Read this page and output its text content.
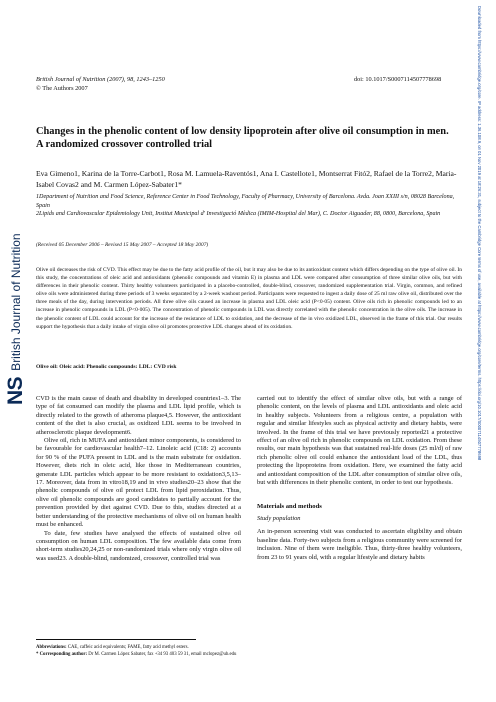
Downloaded from https://www.cambridge.org/core. IP address: 1.36.108.9, on 01 Nov 2019 at 18:26:31, subject to the Cambridge Core terms of use, available at https://www.cambridge.org/core/terms. https://doi.org/10.1017/S0007114507778698
NS
British Journal of Nutrition
British Journal of Nutrition (2007), 98, 1243–1250
© The Authors 2007
doi: 10.1017/S0007114507778698
Changes in the phenolic content of low density lipoprotein after olive oil consumption in men. A randomized crossover controlled trial
Eva Gimeno1, Karina de la Torre-Carbot1, Rosa M. Lamuela-Raventós1, Ana I. Castellote1, Montserrat Fitó2, Rafael de la Torre2, Maria-Isabel Covas2 and M. Carmen López-Sabater1*
1Department of Nutrition and Food Science, Reference Center in Food Technology, Faculty of Pharmacy, University of Barcelona. Avda. Joan XXIII s/n, 08028 Barcelona, Spain
2Lipids and Cardiovascular Epidemiology Unit, Institut Municipal d' Investigació Mèdica (IMIM-Hospital del Mar), C. Doctor Aiguader, 88, 0800, Barcelona, Spain
(Received 05 December 2006 – Revised 15 May 2007 – Accepted 18 May 2007)
Olive oil decreases the risk of CVD. This effect may be due to the fatty acid profile of the oil, but it may also be due to its antioxidant content which differs depending on the type of olive oil. In this study, the concentrations of oleic acid and antioxidants (phenolic compounds and vitamin E) in plasma and LDL were compared after consumption of three similar olive oils, but with differences in their phenolic content. Thirty healthy volunteers participated in a placebo-controlled, double-blind, crossover, randomized supplementation trial. Virgin, common, and refined olive oils were administered during three periods of 3 weeks separated by a 2-week washout period. Participants were requested to ingest a daily dose of 25 ml raw olive oil, distributed over the three meals of the day, during intervention periods. All three olive oils caused an increase in plasma and LDL oleic acid (P<0·05) content. Olive oils rich in phenolic compounds led to an increase in phenolic compounds in LDL (P<0·005). The concentration of phenolic compounds in LDL was directly correlated with the phenolic concentration in the olive oils. The increase in the phenolic content of LDL could account for the increase of the resistance of LDL to oxidation, and the decrease of the in vivo oxidized LDL, observed in the frame of this trial. Our results support the hypothesis that a daily intake of virgin olive oil promotes protective LDL changes ahead of its oxidation.
Olive oil: Oleic acid: Phenolic compounds: LDL: CVD risk

CVD is the main cause of death and disability in developed countries1–3. The type of fat consumed can modify the plasma and LDL lipid profile, which is directly related to the growth of atheroma plaque4,5. However, the antioxidant content of the diet is also crucial, as oxidized LDL seems to be involved in atherosclerotic plaque development6.

Olive oil, rich in MUFA and antioxidant minor components, is considered to be favourable for cardiovascular health7–12. Linoleic acid (C18: 2) accounts for 90 % of the PUFA present in LDL and is the main substrate for oxidation. However, diets rich in oleic acid, like those in Mediterranean countries, generate LDL particles which appear to be more resistant to oxidation3,5,13–17. Moreover, data from in vitro18,19 and in vivo studies20–23 show that the phenolic compounds of olive oil protect LDL from lipid peroxidation. Thus, olive oil phenolic compounds are good candidates to partially account for the prevention provided by diet against CVD. Due to this, studies directed at a better understanding of the protective mechanisms of olive oil on human health must be enhanced.

To date, few studies have analysed the effects of sustained olive oil consumption on human LDL composition. The few available data come from short-term studies20,24,25 or non-randomized trials where only virgin olive oil was used23. A double-blind, randomized, crossover, controlled trial was

carried out to identify the effect of similar olive oils, but with a range of phenolic content, on the levels of plasma and LDL antioxidants and oleic acid in healthy subjects. Volunteers from a religious centre, a population with regular and similar lifestyles such as physical activity and dietary habits, were involved. In the frame of this trial we have previously reported21 a protective effect of an olive oil rich in phenolic compounds on LDL oxidation. From these results, our main hypothesis was that sustained real-life doses (25 ml/d) of raw rich phenolic olive oil could enhance the antioxidant load of the LDL, thus protecting the lipoproteins from oxidation. Here, we examined the fatty acid and antioxidant composition of the LDL after consumption of similar olive oils, but with differences in their phenolic content, in order to test our hypothesis.

Materials and methods
Study population

An in-person screening visit was conducted to ascertain eligibility and obtain baseline data. Forty-two subjects from a religious community were screened for inclusion. Nine of them were ineligible. Thus, thirty-three healthy volunteers, from 23 to 91 years old, with a regular lifestyle and dietary habits

Abbreviations: CAE, caffeic acid equivalents; FAME, fatty acid methyl esters.
* Corresponding author: Dr M. Carmen López Sabater, fax +34 93 403 59 31, email mclopez@ub.edu
